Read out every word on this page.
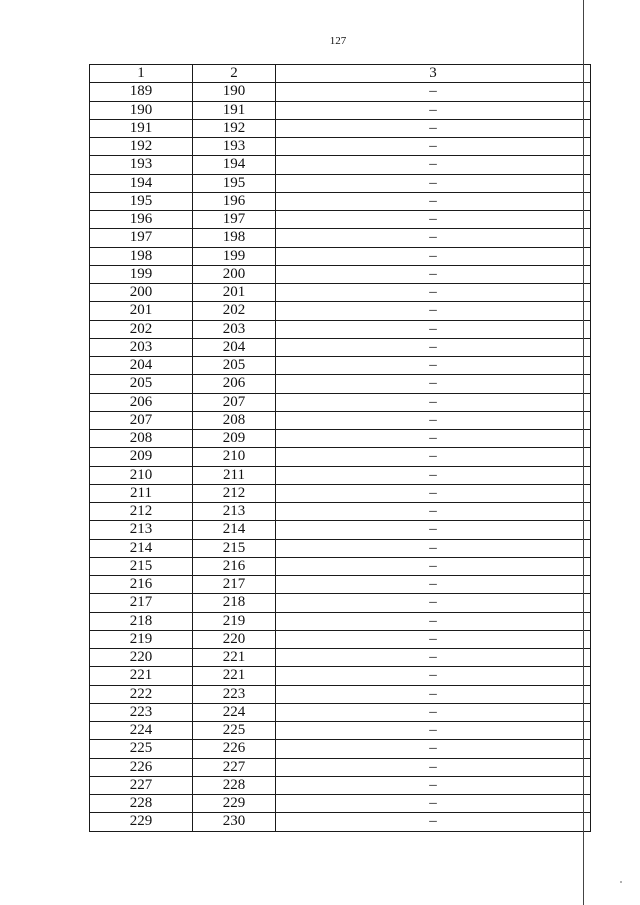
127
1	2	3
189	190	–
190	191	–
191	192	–
192	193	–
193	194	–
194	195	–
195	196	–
196	197	–
197	198	–
198	199	–
199	200	–
200	201	–
201	202	–
202	203	–
203	204	–
204	205	–
205	206	–
206	207	–
207	208	–
208	209	–
209	210	–
210	211	–
211	212	–
212	213	–
213	214	–
214	215	–
215	216	–
216	217	–
217	218	–
218	219	–
219	220	–
220	221	–
221	221	–
222	223	–
223	224	–
224	225	–
225	226	–
226	227	–
227	228	–
228	229	–
229	230	–
